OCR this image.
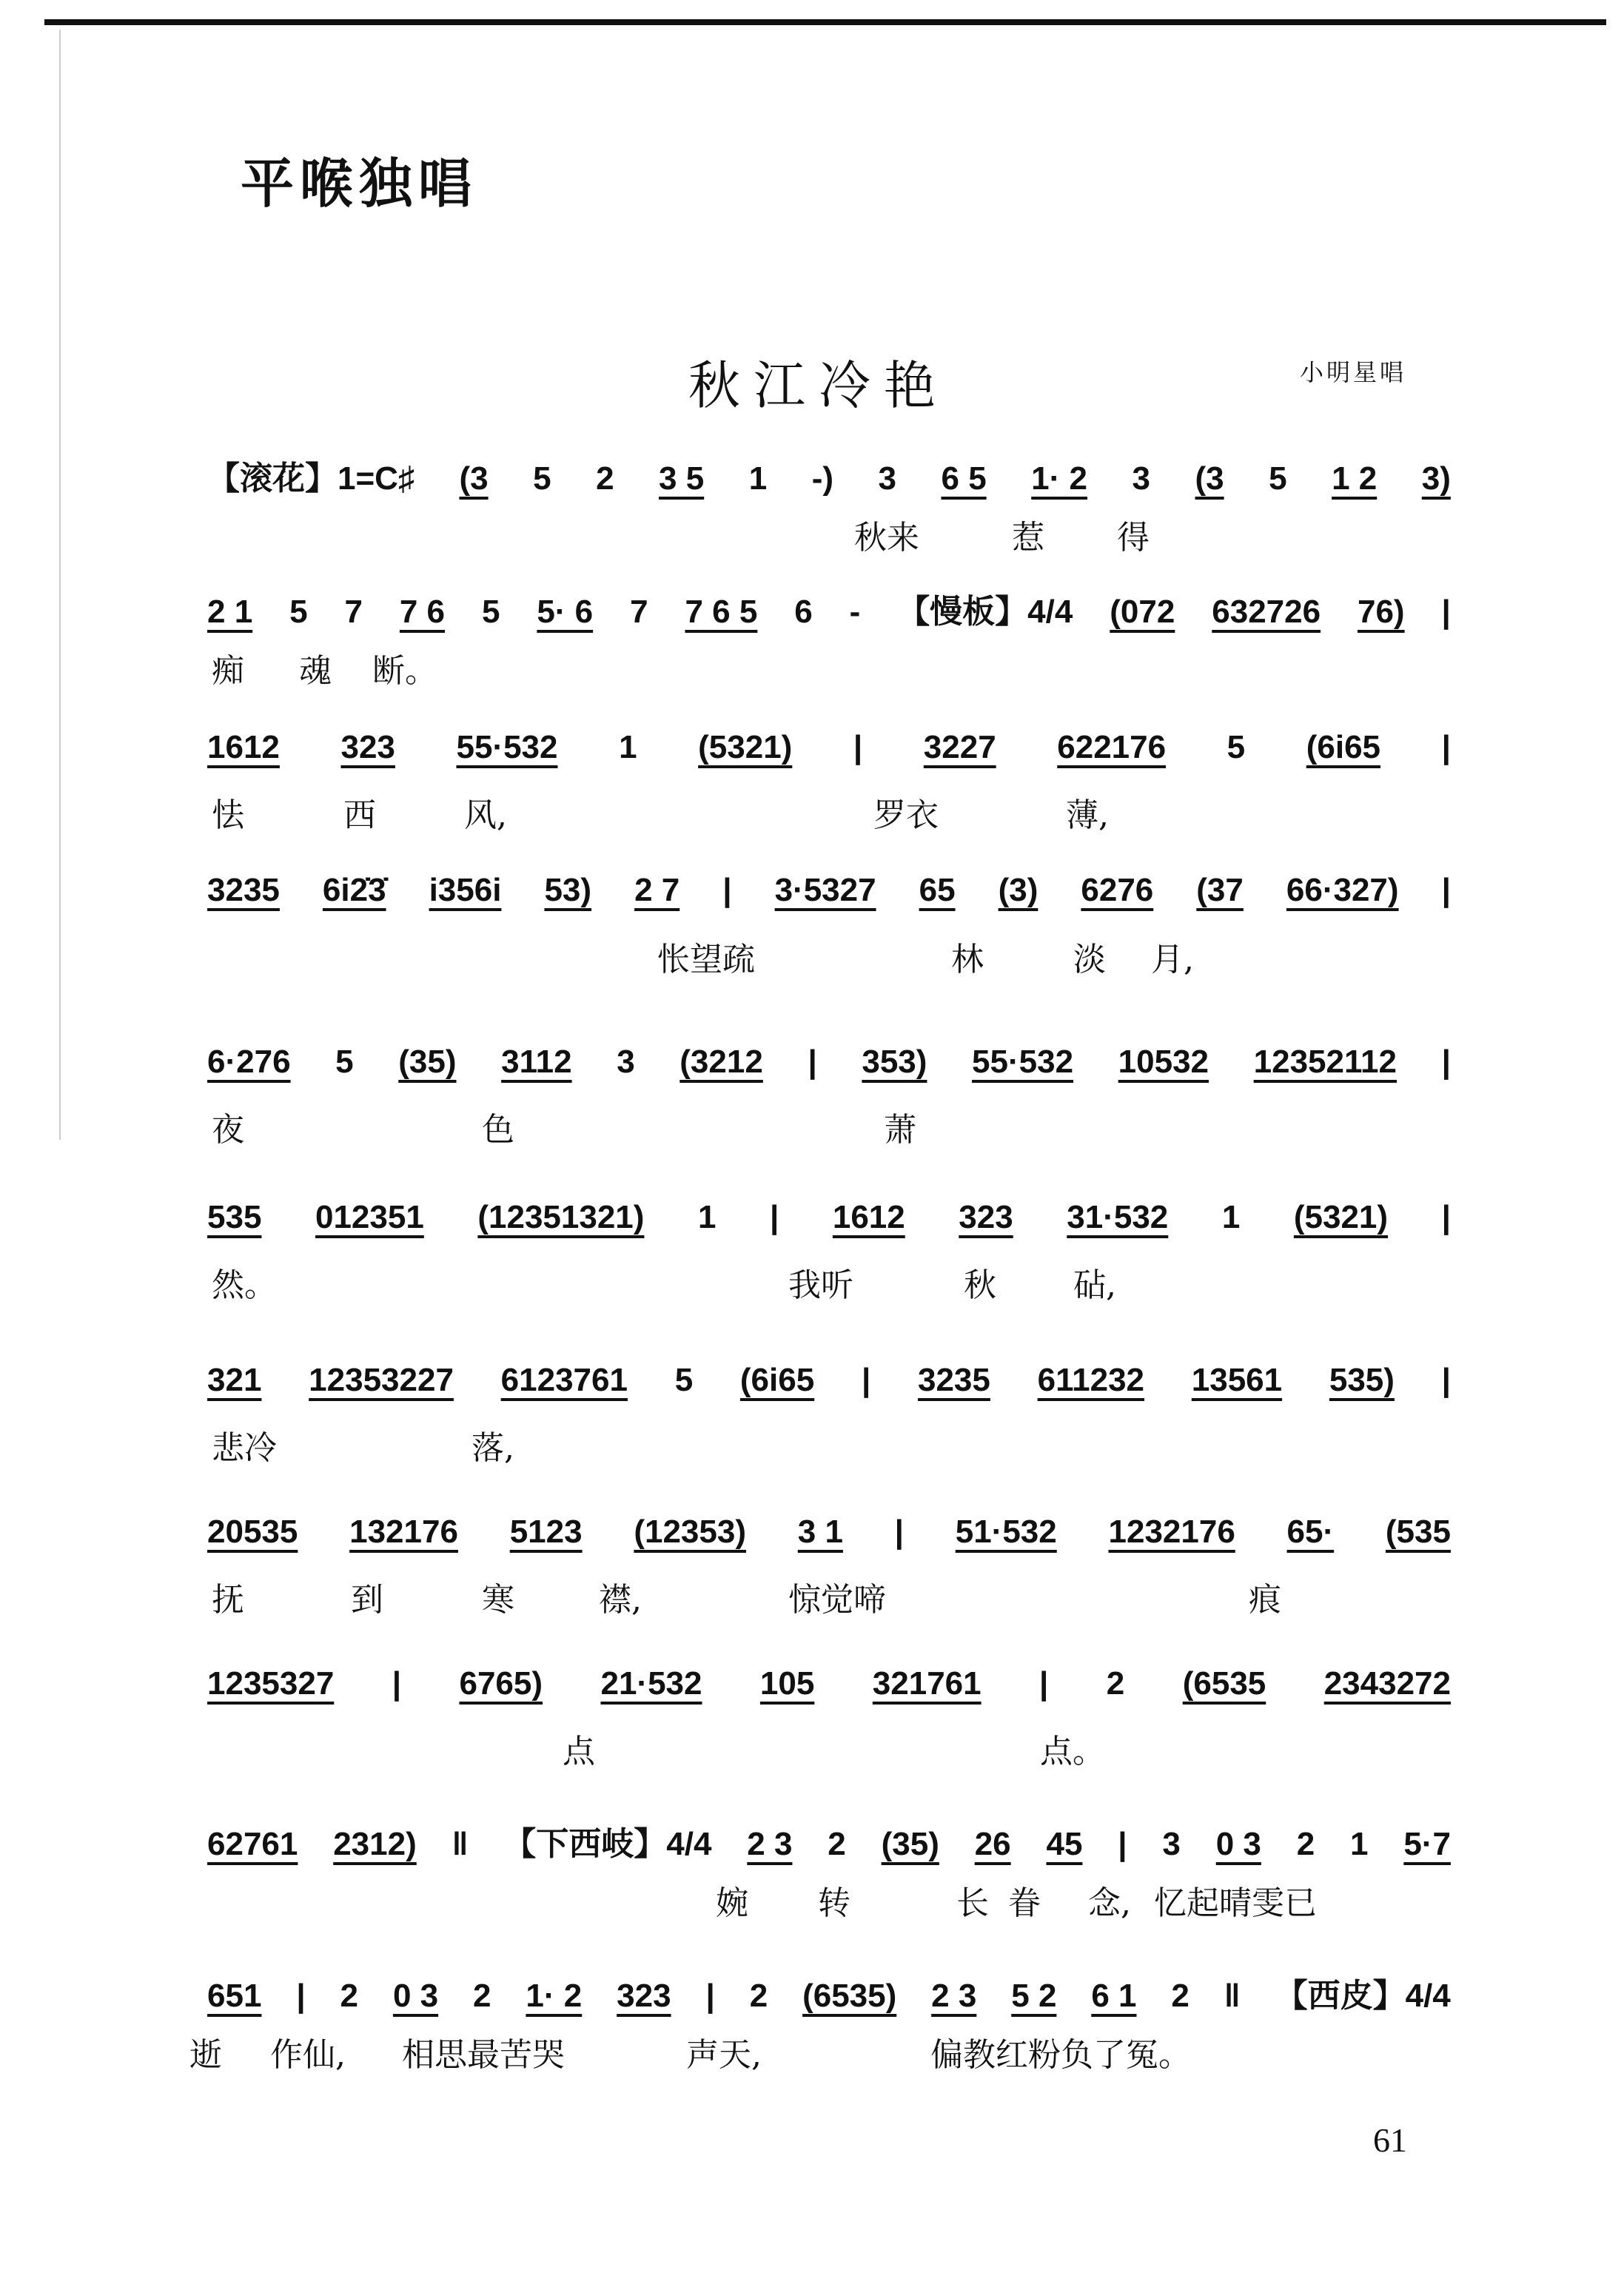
平喉独唱
秋江冷艳	小明星唱
【滚花】1=C♯ (3 5 2 3 5 1 -) 3 6 5 1· 2 3 (3 5 1 2 3)
秋来	惹 得
2 1 5 7 7 6 5 5· 6 7 7 6 5 6 - 【慢板】4/4 (072 632726 76) |
痴 魂 断。
1612 323 55·532 1 (5321) | 3227 622176 5 (6i65 |
怯	西	风,	罗衣	薄,
3235 6i2̇3̇ i356i 53) 2 7 | 3·5327 65 (3) 6276 (37 66·327) |
怅望疏	林	淡 月,
6·276 5 (35) 3112 3 (3212 | 353) 55·532 10532 12352112 |
夜	色	萧
535 012351 (12351321) 1 | 1612 323 31·532 1 (5321) |
然。	我听	秋 砧,
321 12353227 6123761 5 (6i65 | 3235 611232 13561 535) |
悲冷	落,
20535 132176 5123 (12353) 3 1 | 51·532 1232176 65· (535
抚	到	寒	襟,	惊觉啼	痕
1235327 | 6765) 21·532 105 321761 | 2 (6535 2343272
点	点。
62761 2312) ‖ 【下西岐】4/4 2 3 2 (35) 26 45 | 3 0 3 2 1 5·7
婉 转	长 眷 念, 忆起晴雯已
651 | 2 0 3 2 1· 2 323 | 2 (6535) 2 3 5 2 6 1 2 ‖ 【西皮】4/4
逝 作仙, 相思最苦哭	声天,	偏教红粉负了冤。
61
